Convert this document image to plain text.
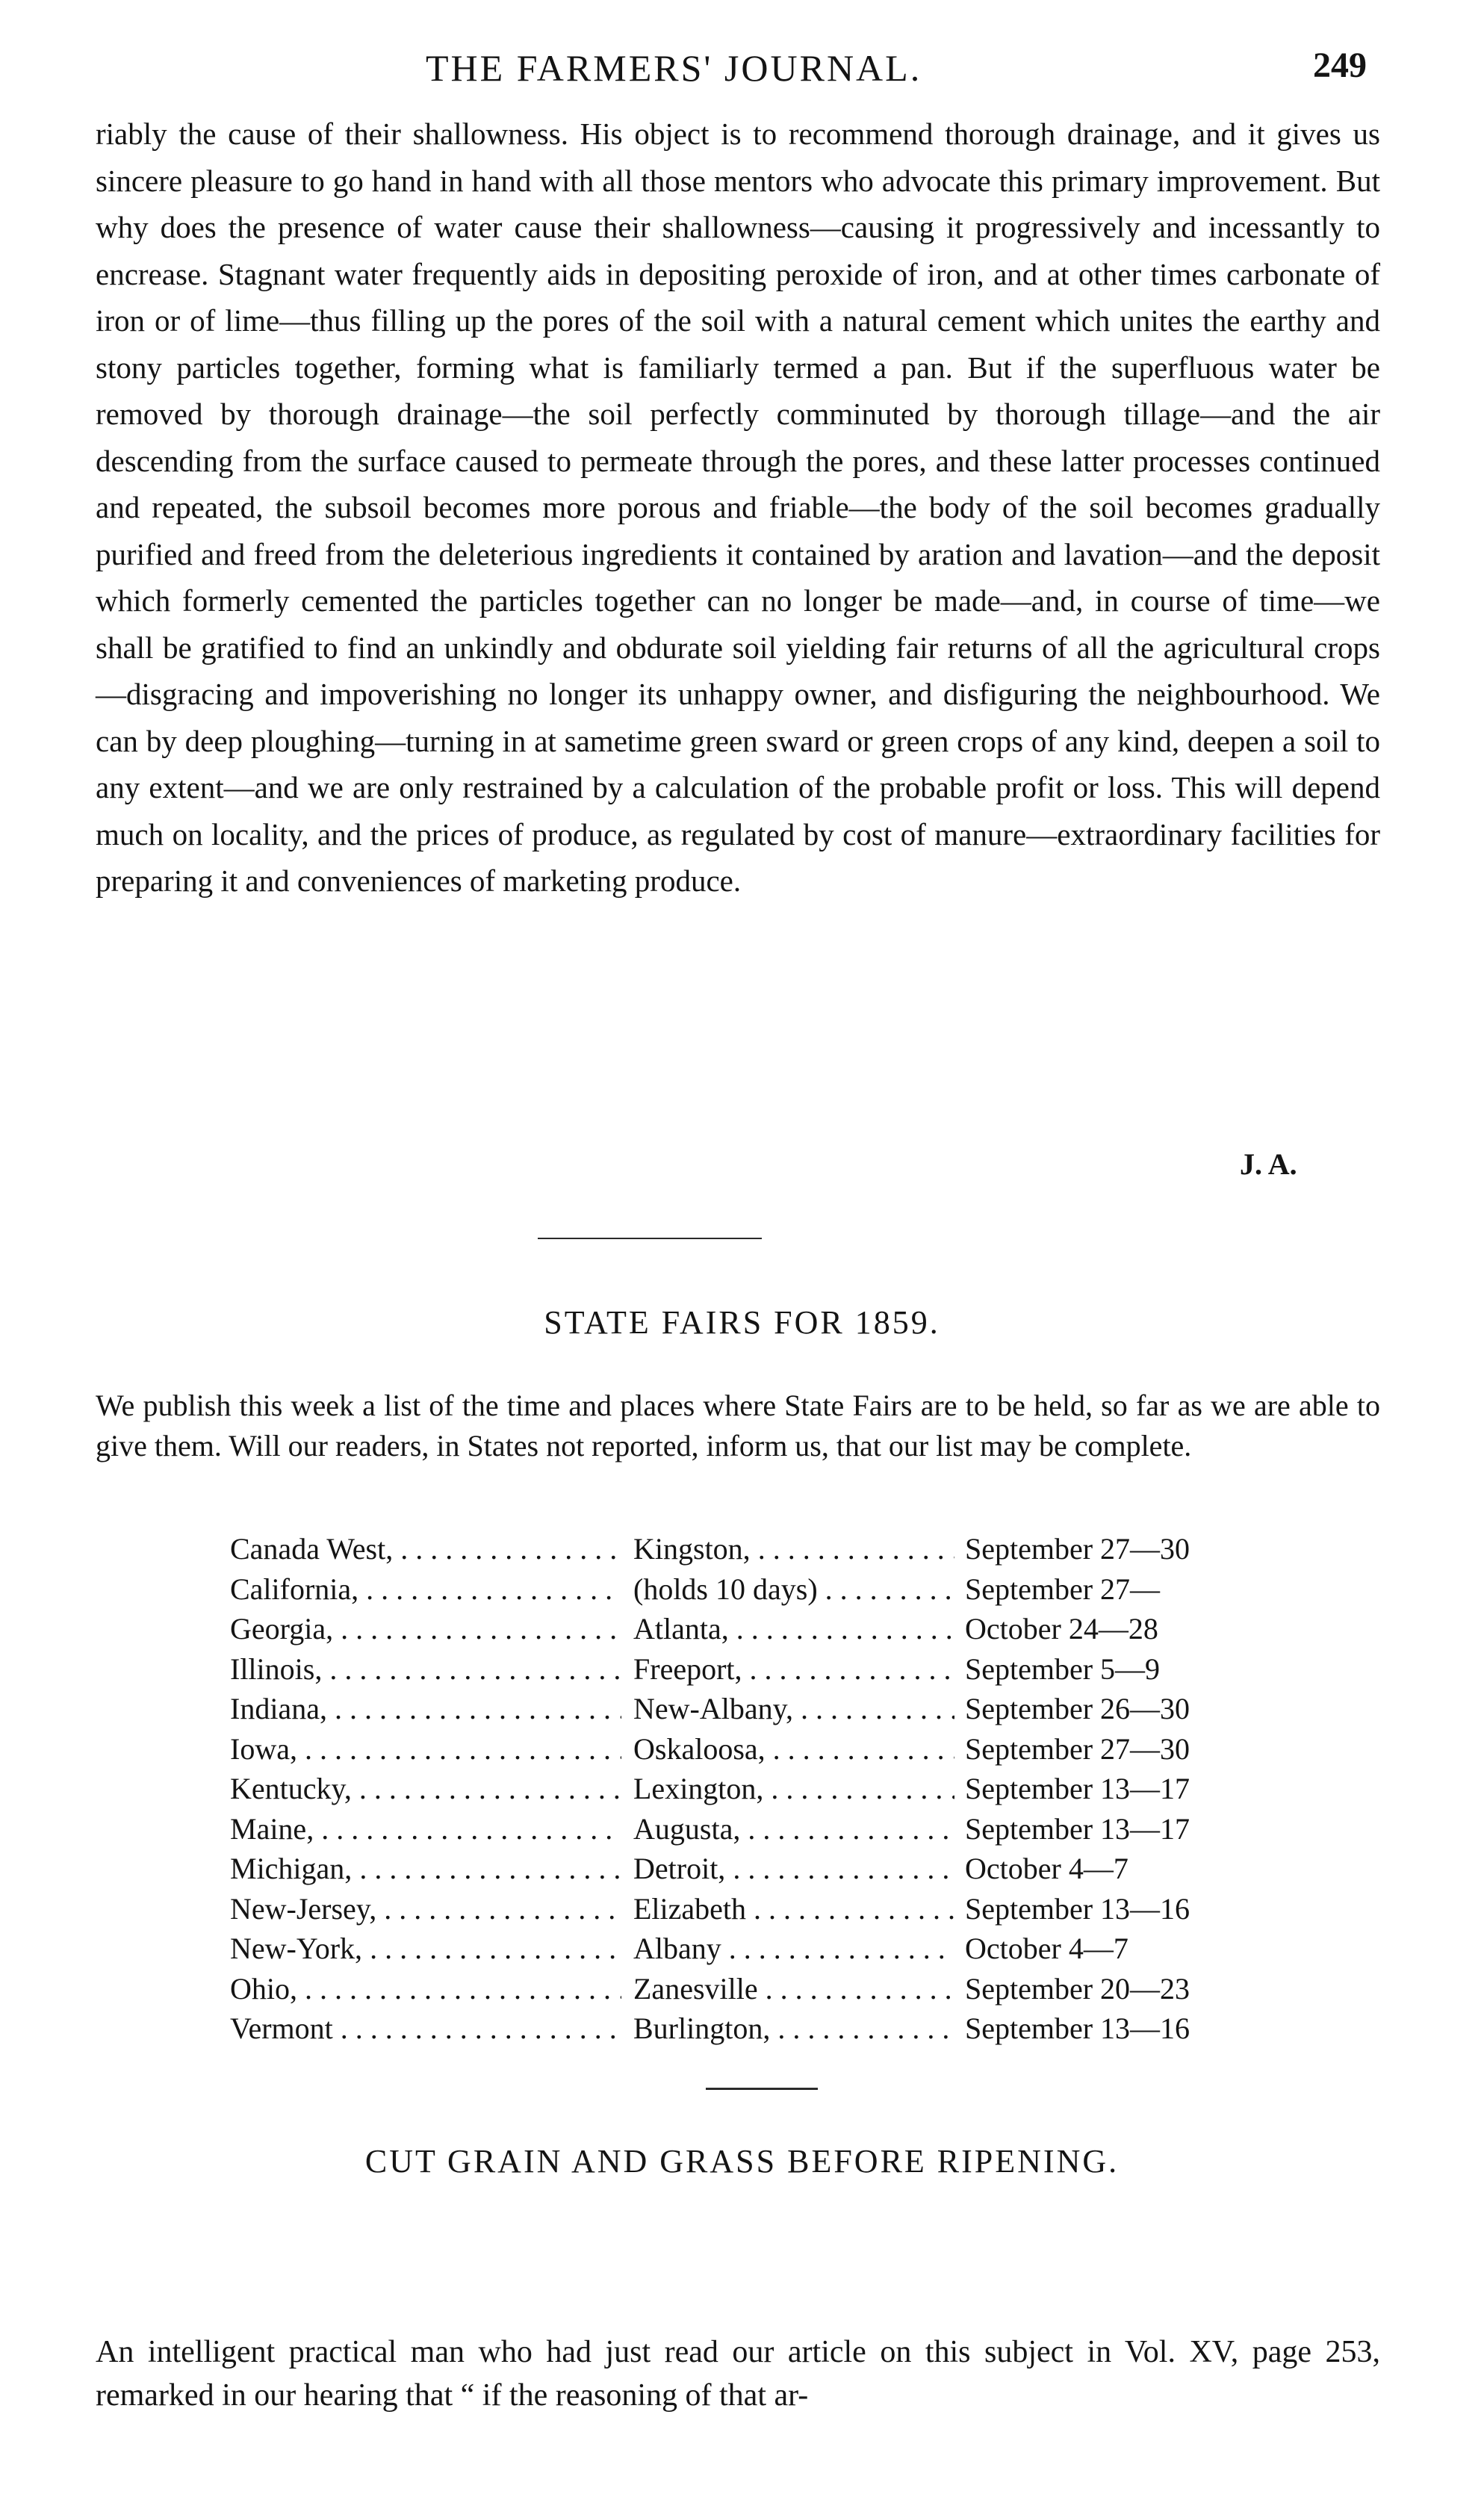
THE FARMERS' JOURNAL.	249

riably the cause of their shallowness. His object is to recommend thorough drainage, and it gives us sincere pleasure to go hand in hand with all those mentors who advocate this primary improvement. But why does the presence of water cause their shallowness—causing it progressively and incessantly to encrease. Stagnant water frequently aids in depositing peroxide of iron, and at other times carbonate of iron or of lime—thus filling up the pores of the soil with a natural cement which unites the earthy and stony particles together, forming what is familiarly termed a pan. But if the superfluous water be removed by thorough drainage—the soil perfectly comminuted by thorough tillage—and the air descending from the surface caused to permeate through the pores, and these latter processes continued and repeated, the subsoil becomes more porous and friable—the body of the soil becomes gradually purified and freed from the deleterious ingredients it contained by aration and lavation—and the deposit which formerly cemented the particles together can no longer be made—and, in course of time—we shall be gratified to find an unkindly and obdurate soil yielding fair returns of all the agricultural crops—disgracing and impoverishing no longer its unhappy owner, and disfiguring the neighbourhood. We can by deep ploughing—turning in at sametime green sward or green crops of any kind, deepen a soil to any extent—and we are only restrained by a calculation of the probable profit or loss. This will depend much on locality, and the prices of produce, as regulated by cost of manure—extraordinary facilities for preparing it and conveniences of marketing produce.

J. A.
STATE FAIRS FOR 1859.

We publish this week a list of the time and places where State Fairs are to be held, so far as we are able to give them. Will our readers, in States not reported, inform us, that our list may be complete.

Canada West, . . .	Kingston, . . .	September 27—30
California, . . .	(holds 10 days) . . .	September 27—
Georgia, . . .	Atlanta, . . .	October 24—28
Illinois, . . .	Freeport, . . .	September 5—9
Indiana, . . .	New-Albany, . . .	September 26—30
Iowa, . . .	Oskaloosa, . . .	September 27—30
Kentucky, . . .	Lexington, . . .	September 13—17
Maine, . . .	Augusta, . . .	September 13—17
Michigan, . . .	Detroit, . . .	October 4—7
New-Jersey, . . .	Elizabeth . . .	September 13—16
New-York, . . .	Albany . . .	October 4—7
Ohio, . . .	Zanesville . . .	September 20—23
Vermont . . .	Burlington, . . .	September 13—16
CUT GRAIN AND GRASS BEFORE RIPENING.

An intelligent practical man who had just read our article on this subject in Vol. XV, page 253, remarked in our hearing that “ if the reasoning of that ar-
